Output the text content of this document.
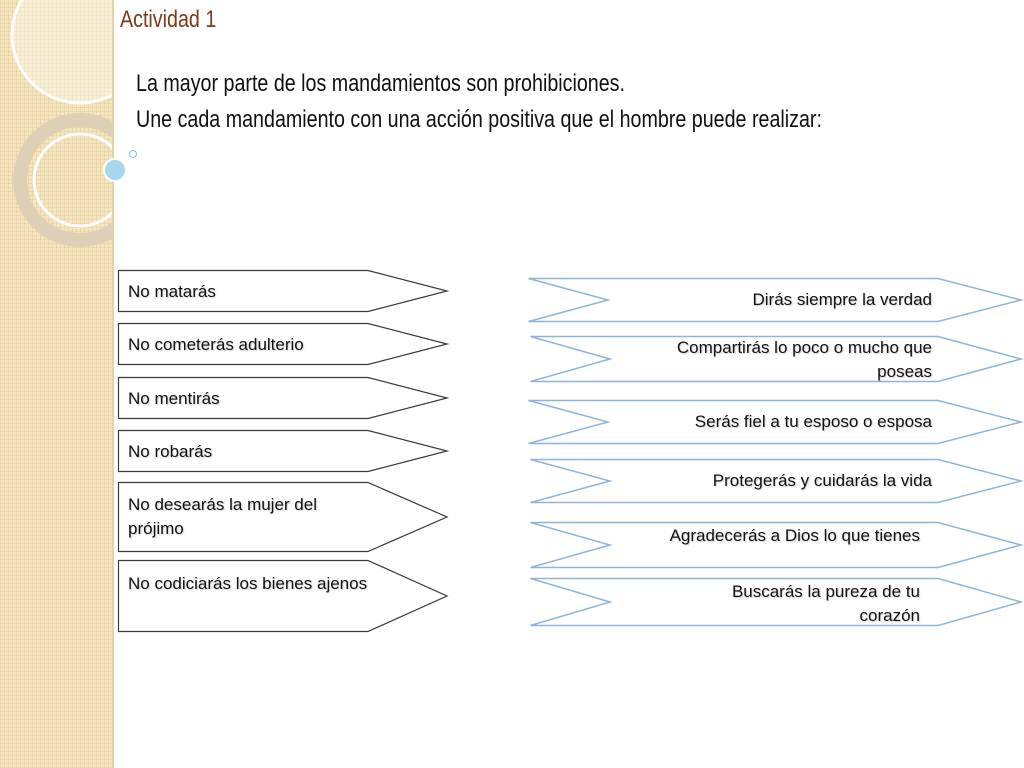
Actividad 1

La mayor parte de los mandamientos son prohibiciones.

Une cada mandamiento con una acción positiva que el hombre puede realizar:

No matarás
No cometerás adulterio
No mentirás
No robarás
No desearás la mujer del prójimo
No codiciarás los bienes ajenos
Dirás siempre la verdad
Compartirás lo poco o mucho que poseas
Serás fiel a tu esposo o esposa
Protegerás y cuidarás la vida
Agradecerás a Dios lo que tienes
Buscarás la pureza de tu corazón
